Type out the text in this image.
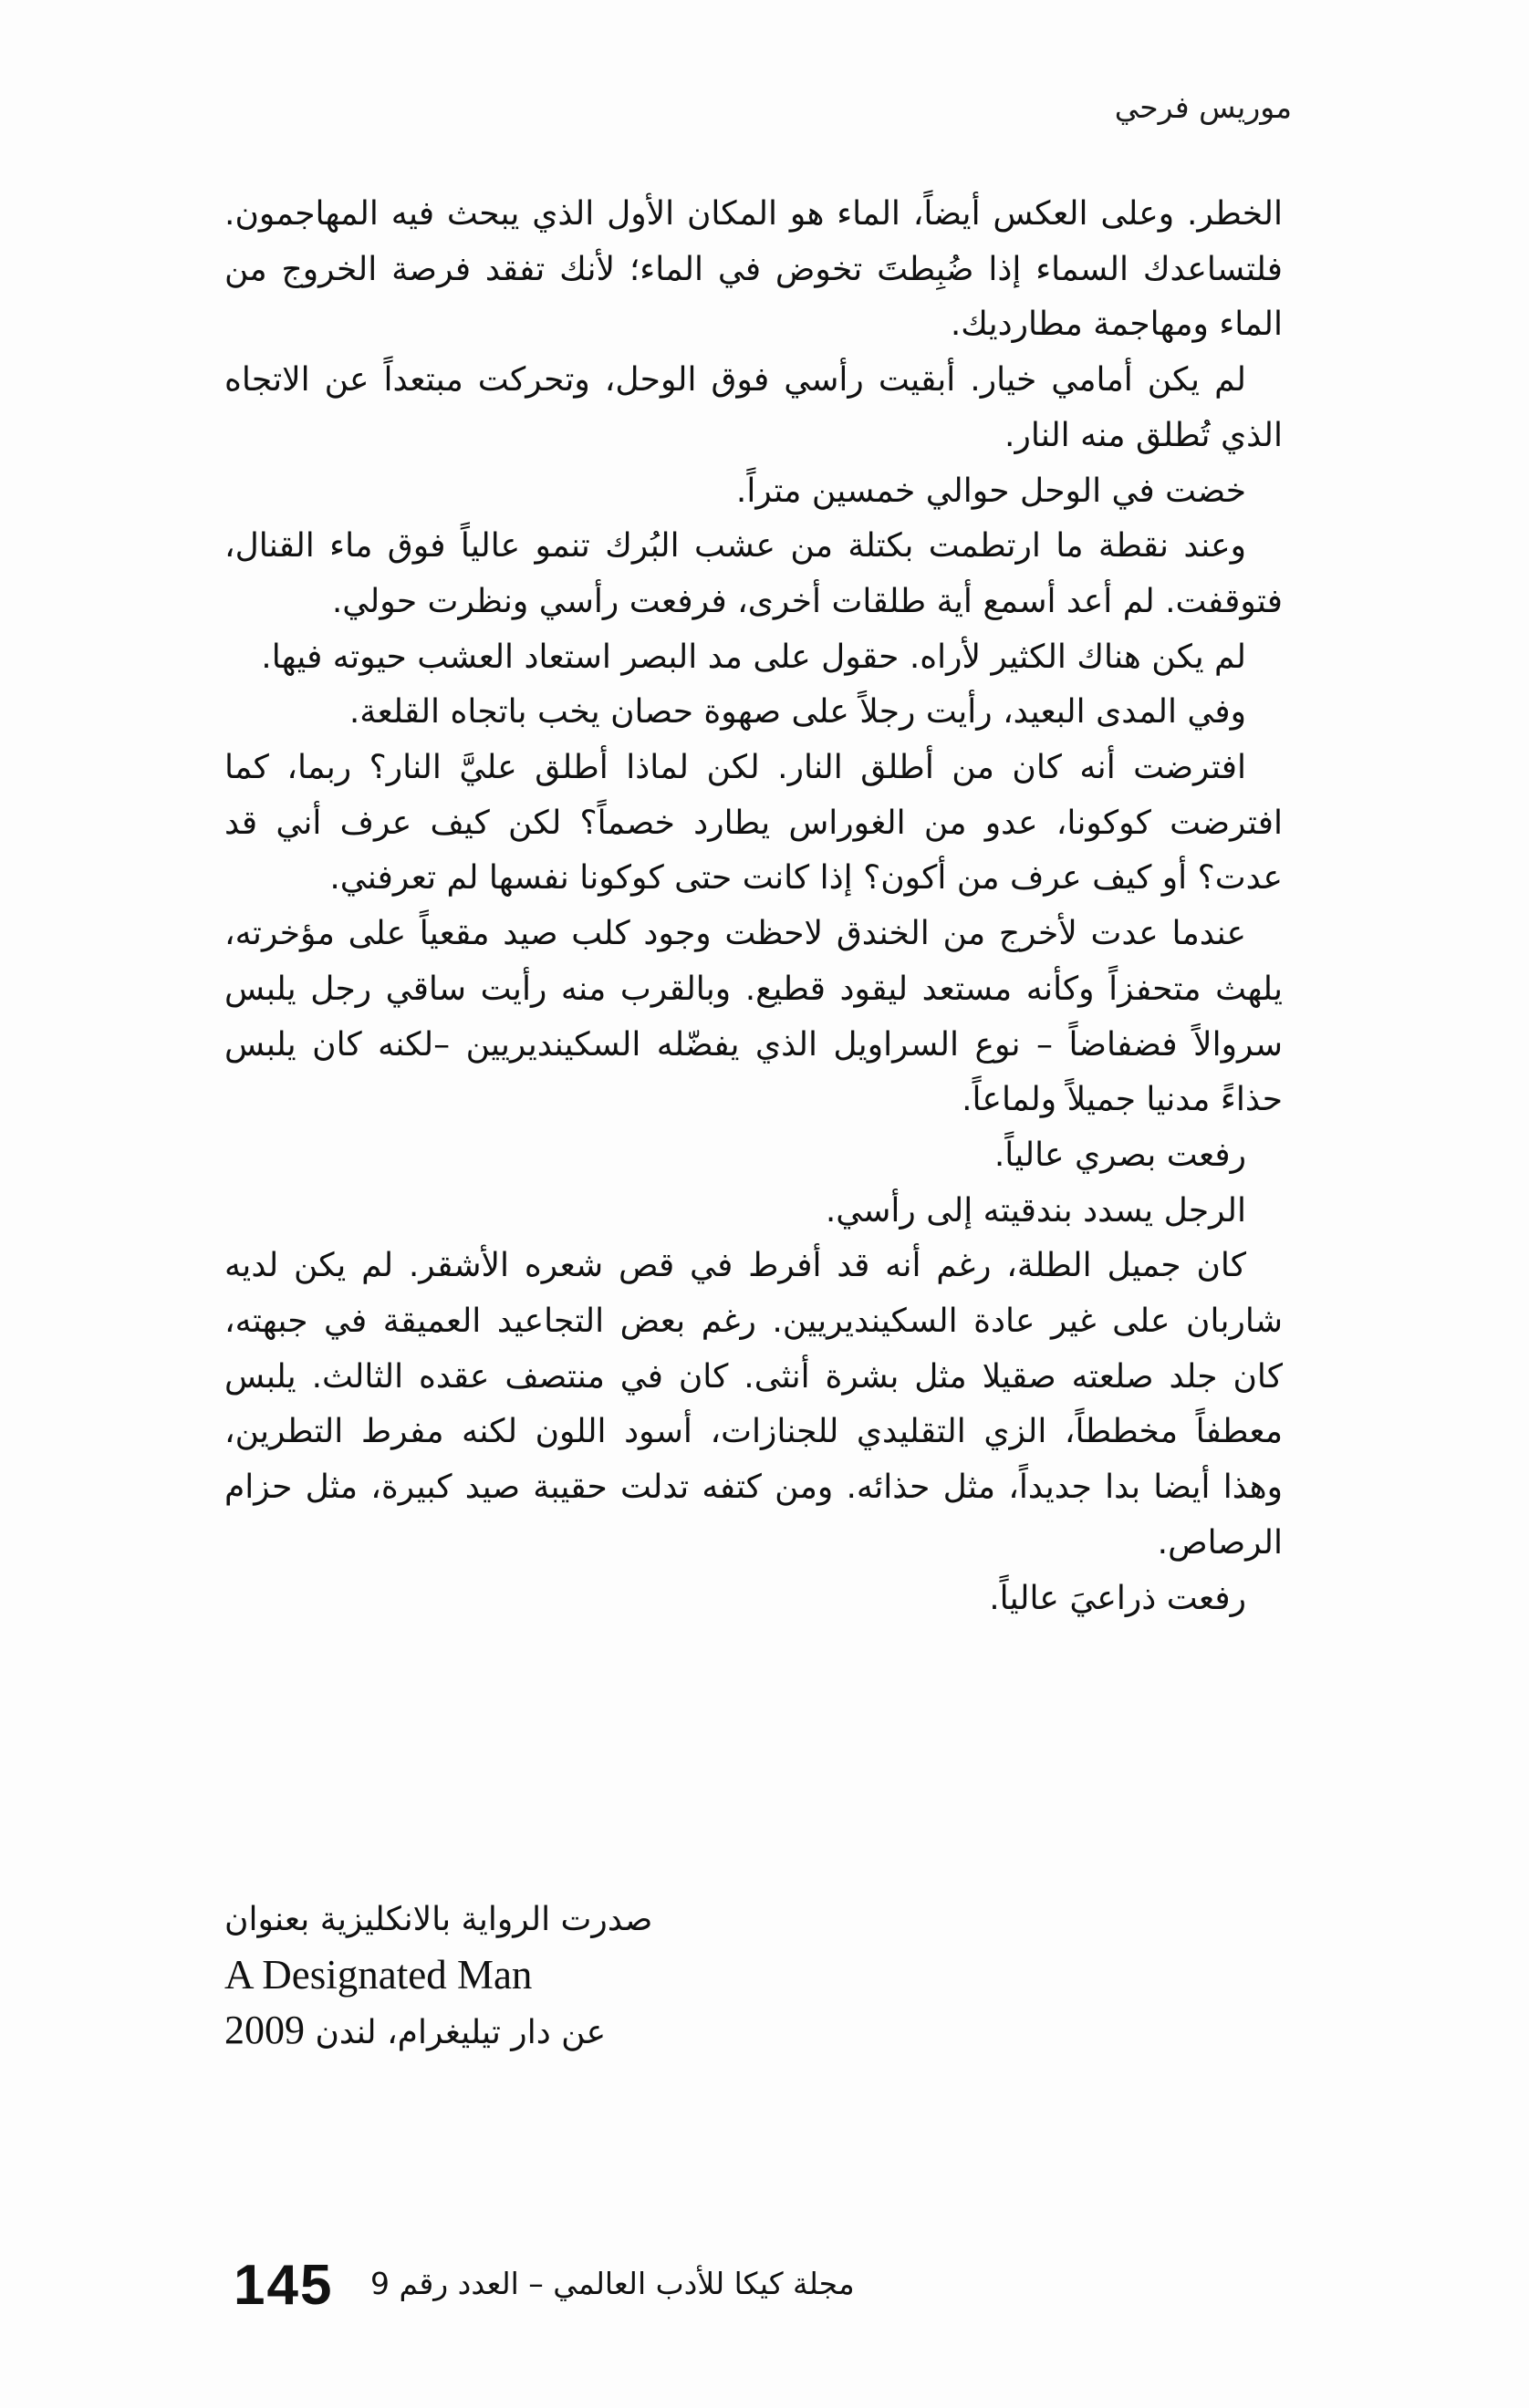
موريس فرحي

الخطر. وعلى العكس أيضاً، الماء هو المكان الأول الذي يبحث فيه المهاجمون. فلتساعدك السماء إذا ضُبِطتَ تخوض في الماء؛ لأنك تفقد فرصة الخروج من الماء ومهاجمة مطارديك.

لم يكن أمامي خيار. أبقيت رأسي فوق الوحل، وتحركت مبتعداً عن الاتجاه الذي تُطلق منه النار.

خضت في الوحل حوالي خمسين متراً.

وعند نقطة ما ارتطمت بكتلة من عشب البُرك تنمو عالياً فوق ماء القنال، فتوقفت. لم أعد أسمع أية طلقات أخرى، فرفعت رأسي ونظرت حولي.

لم يكن هناك الكثير لأراه. حقول على مد البصر استعاد العشب حيوته فيها.

وفي المدى البعيد، رأيت رجلاً على صهوة حصان يخب باتجاه القلعة.

افترضت أنه كان من أطلق النار. لكن لماذا أطلق عليَّ النار؟ ربما، كما افترضت كوكونا، عدو من الغوراس يطارد خصماً؟ لكن كيف عرف أني قد عدت؟ أو كيف عرف من أكون؟ إذا كانت حتى كوكونا نفسها لم تعرفني.

عندما عدت لأخرج من الخندق لاحظت وجود كلب صيد مقعياً على مؤخرته، يلهث متحفزاً وكأنه مستعد ليقود قطيع. وبالقرب منه رأيت ساقي رجل يلبس سروالاً فضفاضاً – نوع السراويل الذي يفضّله السكينديريين –لكنه كان يلبس حذاءً مدنيا جميلاً ولماعاً.

رفعت بصري عالياً.

الرجل يسدد بندقيته إلى رأسي.

كان جميل الطلة، رغم أنه قد أفرط في قص شعره الأشقر. لم يكن لديه شاربان على غير عادة السكينديريين. رغم بعض التجاعيد العميقة في جبهته، كان جلد صلعته صقيلا مثل بشرة أنثى. كان في منتصف عقده الثالث. يلبس معطفاً مخططاً، الزي التقليدي للجنازات، أسود اللون لكنه مفرط التطرين، وهذا أيضا بدا جديداً، مثل حذائه. ومن كتفه تدلت حقيبة صيد كبيرة، مثل حزام الرصاص.

رفعت ذراعيَ عالياً.

صدرت الرواية بالانكليزية بعنوان
A Designated Man
عن دار تيليغرام، لندن 2009
145 مجلة كيكا للأدب العالمي – العدد رقم 9
